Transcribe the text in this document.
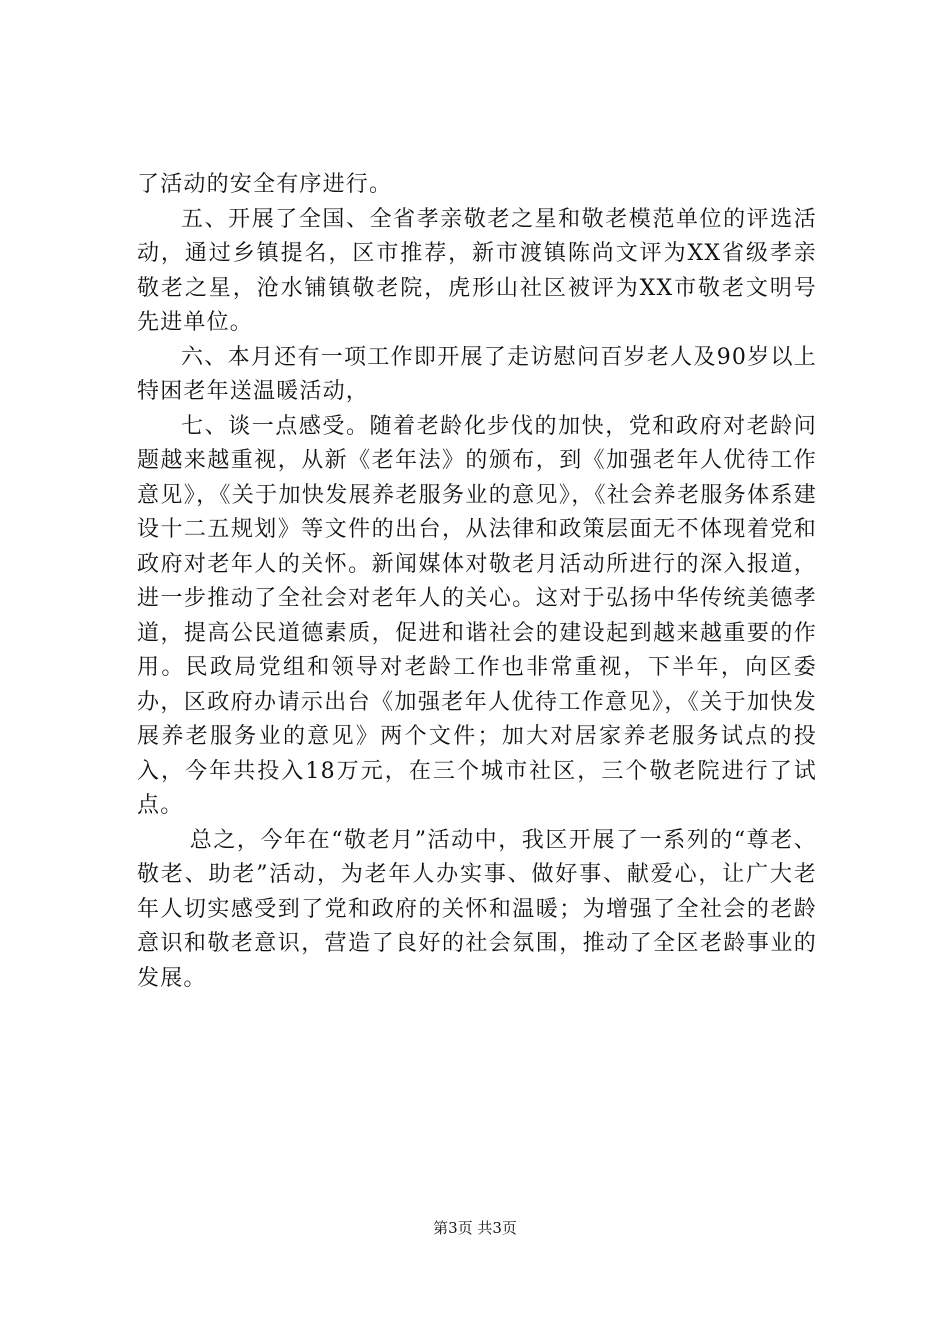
了活动的安全有序进行。

五、开展了全国、全省孝亲敬老之星和敬老模范单位的评选活动，通过乡镇提名，区市推荐，新市渡镇陈尚文评为XX省级孝亲敬老之星，沧水铺镇敬老院，虎形山社区被评为XX市敬老文明号先进单位。

六、本月还有一项工作即开展了走访慰问百岁老人及90岁以上特困老年送温暖活动，

七、谈一点感受。随着老龄化步伐的加快，党和政府对老龄问题越来越重视，从新《老年法》的颁布，到《加强老年人优待工作意见》，《关于加快发展养老服务业的意见》，《社会养老服务体系建设十二五规划》等文件的出台，从法律和政策层面无不体现着党和政府对老年人的关怀。新闻媒体对敬老月活动所进行的深入报道，进一步推动了全社会对老年人的关心。这对于弘扬中华传统美德孝道，提高公民道德素质，促进和谐社会的建设起到越来越重要的作用。民政局党组和领导对老龄工作也非常重视，下半年，向区委办，区政府办请示出台《加强老年人优待工作意见》，《关于加快发展养老服务业的意见》两个文件；加大对居家养老服务试点的投入，今年共投入18万元，在三个城市社区，三个敬老院进行了试点。

总之，今年在“敬老月”活动中，我区开展了一系列的“尊老、敬老、助老”活动，为老年人办实事、做好事、献爱心，让广大老年人切实感受到了党和政府的关怀和温暖；为增强了全社会的老龄意识和敬老意识，营造了良好的社会氛围，推动了全区老龄事业的发展。

第3页 共3页
